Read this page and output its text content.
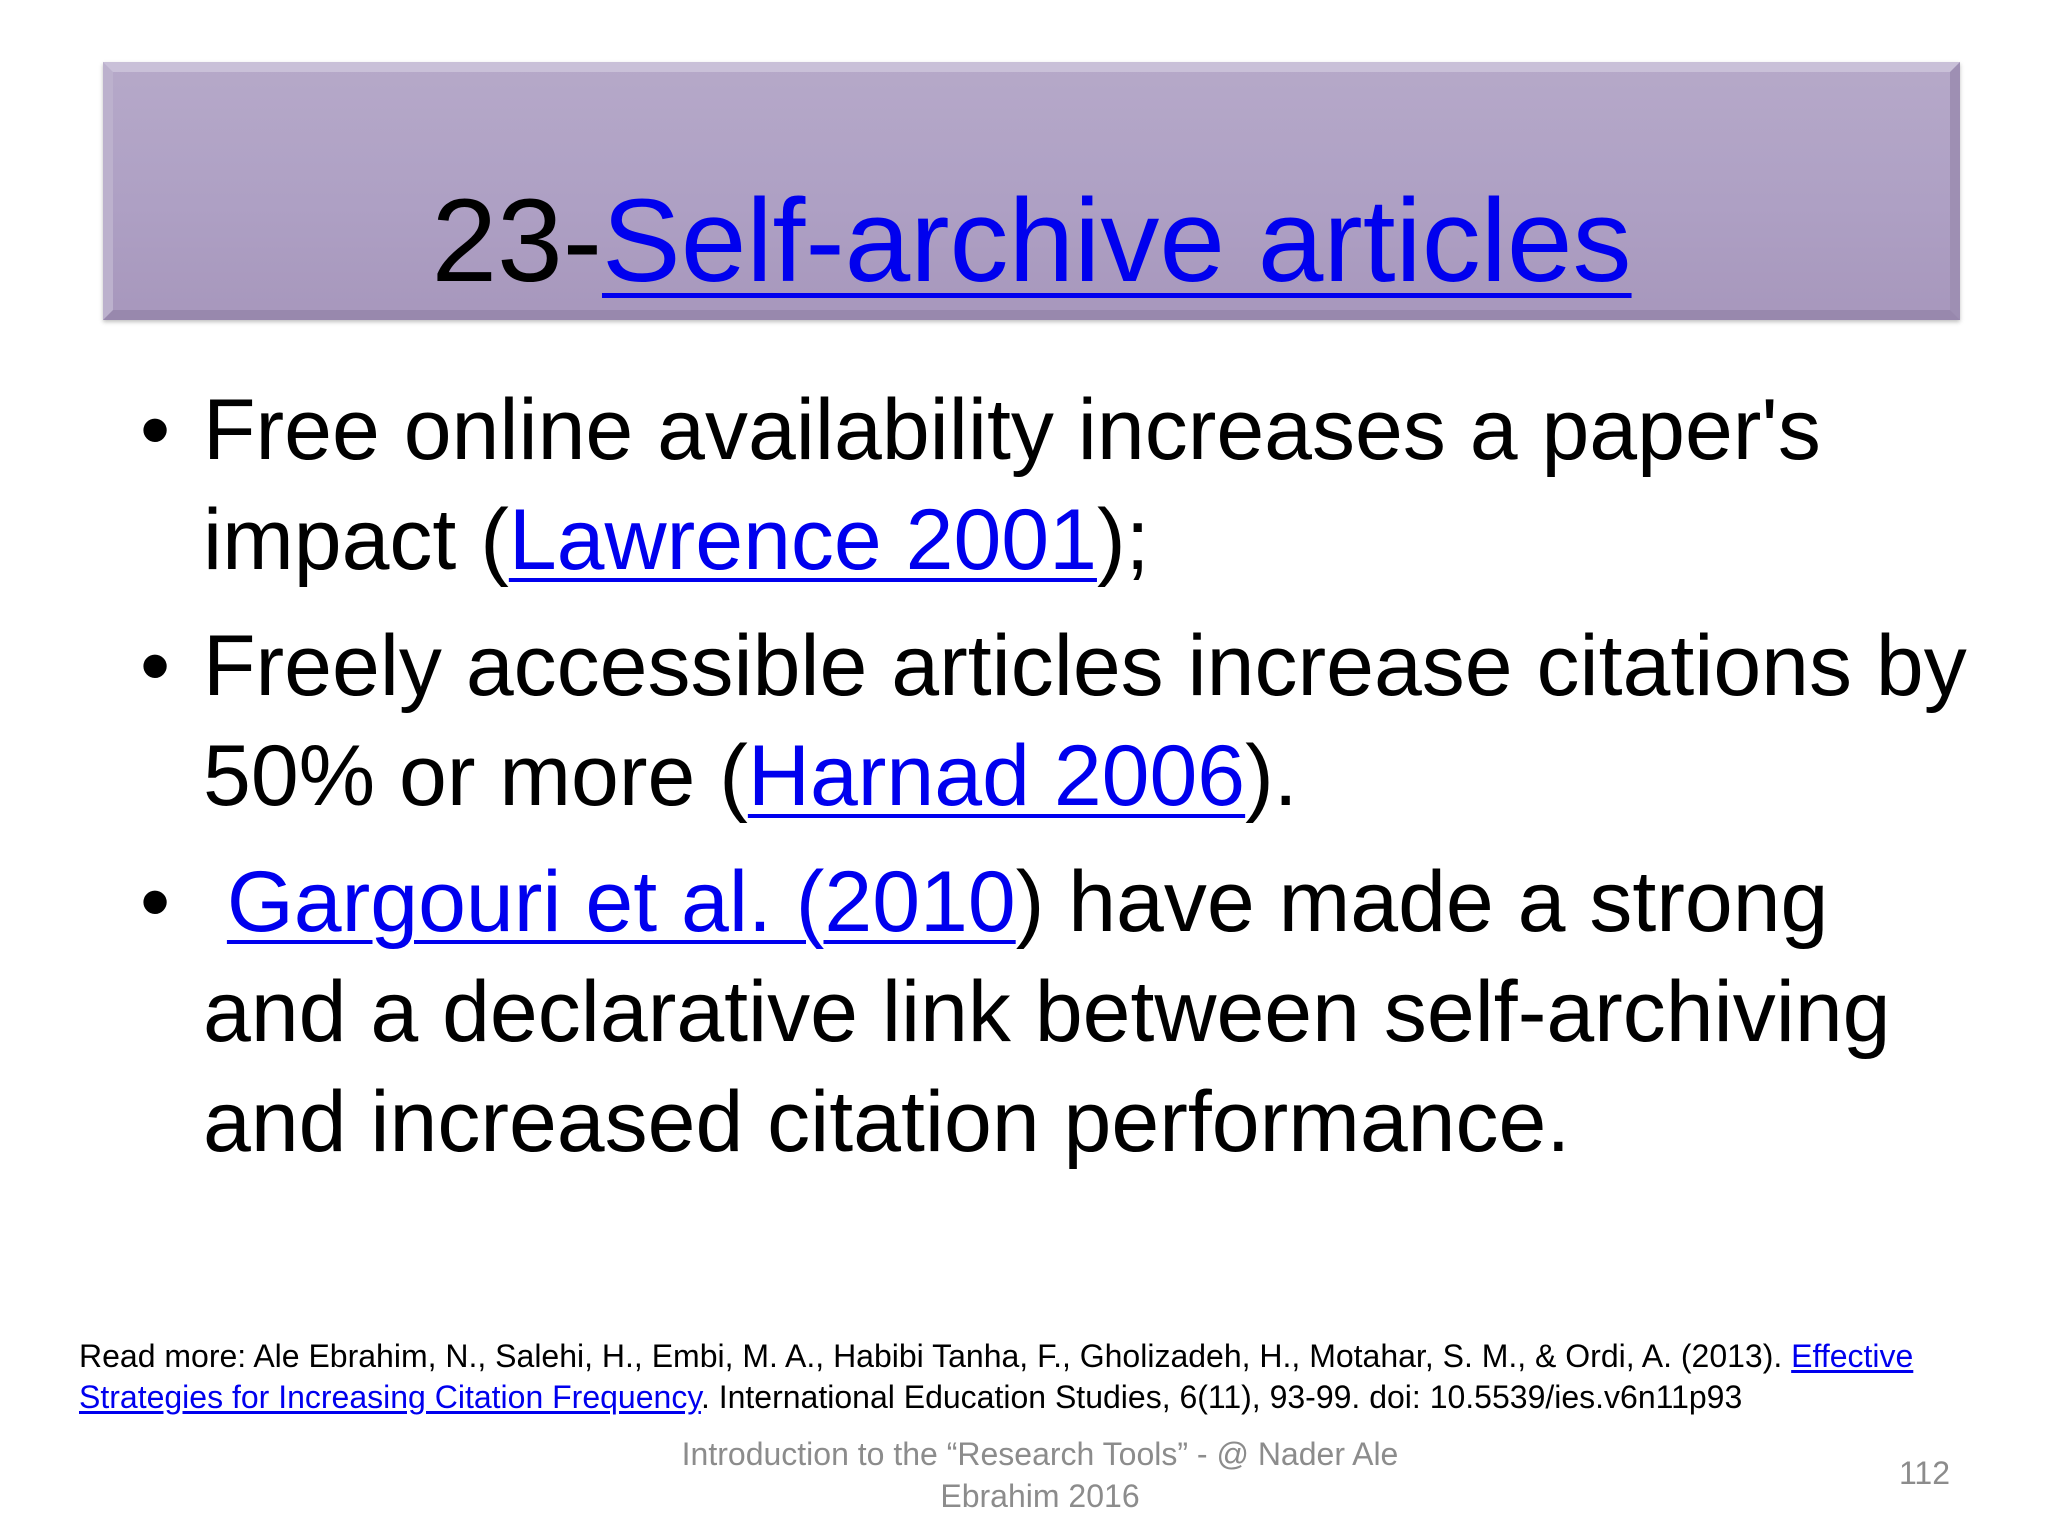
23-Self-archive articles
• Free online availability increases a paper's impact (Lawrence 2001);
• Freely accessible articles increase citations by 50% or more (Harnad 2006).
• Gargouri et al. (2010) have made a strong and a declarative link between self-archiving and increased citation performance.
Read more: Ale Ebrahim, N., Salehi, H., Embi, M. A., Habibi Tanha, F., Gholizadeh, H., Motahar, S. M., & Ordi, A. (2013). Effective Strategies for Increasing Citation Frequency. International Education Studies, 6(11), 93-99. doi: 10.5539/ies.v6n11p93
Introduction to the “Research Tools” - @ Nader Ale Ebrahim 2016
112
